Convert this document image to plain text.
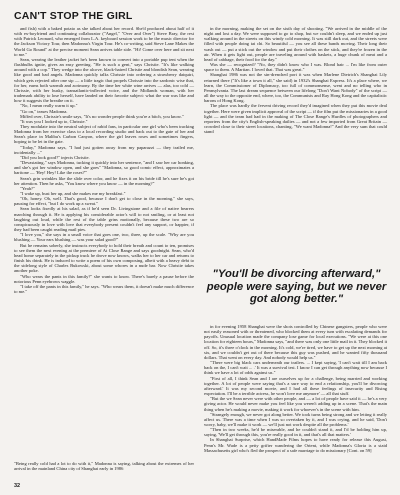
CAN'T STOP THE GIRL

and fish) with a baked potato as she talked about her record. She'd produced about half of it with ex-boyfriend and continuing collaborator ("Angel," "Over and Over") Steve Bray, the rest with Patrick Leonard, who emerged from L.A. keyboard session work to be the music director for the Jackson Victory Tour, then Madonna's Virgin Tour. He's co-writing, said Steve Lane Makes the World Go Round" at the precise moment Sean arrives table side. "Hi! Come over here and sit next to me."

Sean, wearing the leather jacket he's been known to convert into a portable pup tent when the flashbulbs ignite, gives an easy greeting. "He is such a gent," says Christie. "It's like walking around with a cop." They wedge into the alcove, black-haired Christie and blondish Sean, wearing like good and bad angels. Madonna quickly talks Chrissie into ordering a strawberry daiquiri, which gets rejected after one sip — a little tragic that propels Chrissie into the sardonic wise that, for her, earns both warmth and acrimony. By the time her white wine arrives — alas, too cold — Chrissie, with her husky, transatlantic-inflected voice, and the Midlands woman, with her trademark ability to lose herself, have landed on their favorite subject: what the war was like and how it suggests the breathe on it.

"No, I mean really warm it up."

"Go on," teases Madonna.

Miffed over, Chrissie's smile says, "It's no wonder people think you're a bitch, you know."

"It was you I looked up to, Chrissie."

They modulate into the neutral subject of rabid fans, in particular one girl who's been tracking Madonna from her exercise class to a local recording studio and back out to the gate of her and Sean's place in Malibu's Carbon Canyon, where the girl leaves roses and sometimes fingers, hoping to be let in the gate.

"Today," Madonna says, "I had just gotten away from my paparazzi — they trailed me, incidentally ..."

"Did you look good?" injects Christie.

"Devastating," says Madonna, tucking it quickly into her sentence, "and I saw her car honking, and she's got her window open, and she goes" "Madonna, so good comic effect, approximates a baritone — 'Hey! Hey! Like the roses?'"

Sean's grin wrinkles like the slide over color, and he fixes it on his bride till he's sure he's got her attention. Then he asks, "You know where you know — in the morning?"

"Yeah?"

"I wake up, bust her up, and she makes me my breakfast."

"Oh, honey. Oh, well. That's good, because I don't get to close in the morning," she says, pausing for effect, "but I do work up a sweat."

Sean looks fixedly at his salad, as if he'd seen Dr. Livingstone and a file of native bearers marching through it. He is applying his considerable actor's will to not smiling, or at least not laughing out loud, while the rest of the table grins motionally, because these two are so conspicuously in love with love that everybody present couldn't feel any support, or happier, if they had been caught reading mail pies.

"I love you," she says in a small voice that goes one, two, three, up the scale. "Why are you blushing — Your ears blushing — was your salad good?"

But he remains soberly, she instructs everybody to hold their breath and count to ten, promises to see them the next evening at the premiere of At Close Range and says goodnight. Sean, who'd head home separately in the pickup truck he drove now knows, walks her to her car and returns to finish his drink. He is induced to write a poem of his own composing, albeit with a heavy debt to the sidelong style of Charles Bukowski, about some whores in a nude bar. Now Christie takes another poke.

"Who wears the pants in this family?" she wants to know. There's barely a pause before the notorious Penn eyebrows waggle.

"I take off the pants in this family," he says. "Who wears them, it doesn't make much difference to me."

in the morning, making the set on the sixth day of shooting. "We arrived in the middle of the night and lost a day. We were supposed to go to shop, but we couldn't sleep, and we ended up just walking around in the streets on this windy cold morning. It was still dark out, and the streets were filled with people doing tai chi. So beautiful — you see all these bands moving. Their long their wash out — put a stick out the window and put their clothes on the stick, and they're frozen in the air. When it gets light out, people are traveling around with baskets, a huge chunk of meat and a head of cabbage, their food for the day."

Was she — recognized? "No, they didn't know who I was. Blond hair ... I'm like from outer space to them. A Martian. I loved that. That was great."

Shanghai 1986 was not the sin-drenched port it was when Marlene Dietrich's Shanghai Lily returned there ("It's like a town it all," she said) in 1932's Shanghai Express. It's a place where, we learn, the Commissioner of Diplomacy, too full of commonsense, went and no telling who in Pennsylvania. The last dream sequence between our lifelong "Don't Want Nobody" of the script — all the way to the opposite end, where, too, the Communists and Ray Hong Kong and the capitalistic barons of Hong Kong.

The place was hardly the fervent driving record they'd imagined when they put this movie deal together. Here were given implicit approval of the script — if the film put the missionaries in a good light — and the team had had in the making of The Close Range's Hurdles of photographers and reporters from the city's English-speaking dailies — and not a few imported from Great Britain — crowded close to their street locations, chanting, "We want Madonna!" And the very sum that could stand

"You'll be divorcing afterward,"
people were saying, but we never
got along better."

in for evening 1958 Shanghai were the shots controlled by Chinese gangsters, people who were not easily reasoned with or threatened, who blocked them at every turn with escalating demands for payoffs. Unusual location made the company lose game for local executions. "We were at this one location for eighteen hours," Madonna says, "and there was only one little mail in it. They blocked it off. So, it's three o'clock in the morning. It's cold, we're tired, we have to get up the next morning at six, and we couldn't get out of there because this guy was pushed, and he wanted fifty thousand dollars. That went on every day. And nobody would help us."

"There were big black cars underneath our trailers. ... I kept saying, 'I can't wait till I am back back on the, I can't wait ... .' It was a survival test. I know I can get through anything now because I think we have a lot of odds against us."

"First of all, I think Sean and I are ourselves up for a challenge, being married and working together. A lot of people were saying that's a sure way to end a relationship, you'll be divorcing afterward.' It was my second movie, and I had all these feelings of insecurity and Rising expectation. I'll be a terrible actress, he won't love me anymore' — all that stuff.

"But the we Sean never were with other people, and — a lot of people have said it — he's a very giving actor. He would never make you feel like you weren't adding up in a scene. That's the main thing when he's making a movie, making it work for whoever's in the scene with him.

"Strangely enough, we never got along better. We took turns being strong and we letting it really affect us. There was a time when I was so overtaken by it, and I was crying, and he said, 'Don't worry, baby, we'll make it work — we'll just not work despite all the problems.'

"Then in two weeks, he'd be miserable, and he couldn't stand it, and I'd be holding him up, saying, 'We'll get through this, you're really good in it, and that's all that matters.'

In Shanghai Surprise, which HandMade Films hopes to have ready for release this August, Penn's Mr. Wade is a petty grifter wandering the Orient, while Madonna's Gloria is a staid Massachusetts girl who's fled the prospect of a safe marriage to do missionary [Cont. on 59]

"Being really cold had a lot to do with it," Madonna is saying, talking about the extremes of her arrival in the mainland China city of Shanghai early in 1986
32
